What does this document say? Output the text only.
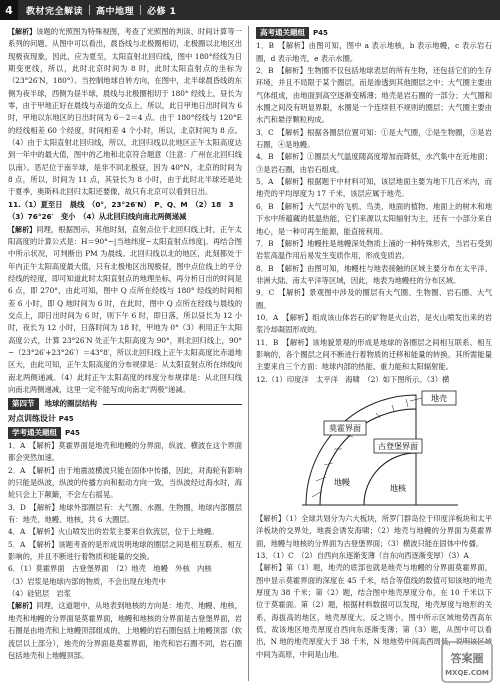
4	教材完全解读 高中地理 必修 1

【解析】该题的光照图为特殊视图，考查了光照图的判读、时间计算等一系列的问题。从图中可以看出，晨昏线与北极圈相切，北极圈以北地区出现极夜现象，因此，应为夏至，太阳直射北回归线，图中 180°经线为日期变更线，所以，此时北京时间为 8 时，此时太阳直射点的坐标为（23°26′N，180°）。当控制地球自转方向，在图中，北半球晨昏线的东侧为夜半球，西侧为昼半球，晨线与北极圈相切于 180° 经线上，昼长为零，由于甲地正好在晨线与赤道的交点上，所以，此日甲地日出时间为 6 时，甲地以东地区的日出时间为 6－2＝4 点。由于 180°经线与 120°E 的经线相差 60 个经度，时间相差 4 个小时，所以，北京时间为 8 点。（4）由于太阳直射北回归线，所以，北回归线以北地区正午太阳高度达到一年中的最大值，图中的乙地和北京符合题意（注意：广州在北回归线以南）。恶尼位于南半球，是非不同北极昼，因为 40°N，北京的时间为 8 点，所以，时间为 11 点，其昼长为 8 小时，由于此时北半球还是处于夏季，奥斯科北回归太阳还要像，故只有北京可以看到日出。

11.（1）夏至日　晨线　（0°，23°26′N）　P、Q、M　（2）18　3

（3）76°26′　变小　（4）从北回归线向南北两侧递减

【解析】同理，根据图示，其他时刻，直射点位于北回归线上时，正午太阳高度的计算公式是：H＝90°−|当地纬度−太阳直射点纬度|。再结合图中所示状况，可判断出 PM 为晨线。北回归线以北的地区，此刻都处于年内正午太阳高度最大值，只有北极地区出现极昼，图中点位线上的平分经线的经度，即可知道此时太阳直射点的地理坐标，再分析日出的时间是 6 点，即 270°，由此可知，图中 Q 点所在经线与 180° 经线的时间相差 6 小时，即 Q 地时间为 6 时，在此时，图中 Q 点所在经线与晨线的交点上，即日出时间为 6 时，则下午 6 时，即日落，所以昼长为 12 小时，夜长为 12 小时，日落时间为 18 时，甲地为 0°（3）利用正午太阳高度公式，计算 23°26′N 处正午太阳高度为 90°，则北回归线上，90°−（23°26′+23°26′）＝43°8′，所以北回归线上正午太阳高度比赤道地区大，由此可知，正午太阳高度的分布规律是：从太阳直射点所在纬线向南北两侧递减。（4）此时正午太阳高度的纬度分布规律是：从北回归线向南北两侧递减，这里一定不能写成向南北"两极"递减。

第四节	地球的圈层结构
对点训练设计 P45
学考通关题组	P45

1．A　【解析】莫霍界面是地壳和地幔的分界面，纵波、横波在这个界面都会突然加速。

2．A　【解析】由于地震波横波只能在固体中传播，因此，对海轮有影响的只能是纵波，纵波的传播方向和振动方向一致，当纵波经过海水时，海轮只会上下颠簸，不会左右摇晃。

3．D　【解析】地球外部圈层有：大气圈、水圈、生物圈，地球内部圈层有：地壳、地幔、地核，共 6 大圈层。

4．A　【解析】火山喷发出的岩浆主要来自软流层，位于上地幔。

5．A　【解析】该题考查的是形成说明地球的圈层之间是相互联系、相互影响的，并且不断进行着物质和能量的交换。

6．（1）莫霍界面　古登堡界面　（2）地壳　地幔　外核　内核

（3）岩浆是地球内部的物质，不会出现在地壳中

（4）硅铝层　岩浆

【解析】同理，这道题中，从地表到地核的方向是：地壳、地幔、地核，地壳和地幔的分界面是莫霍界面，地幔和地核的分界面是古登堡界面，岩石圈是由地壳和上地幔顶部组成的，上地幔的岩石圈包括上地幔顶部（软流层以上部分），地壳的分界面是莫霍界面，地壳和岩石圈不同，岩石圈包括地壳和上地幔顶部。

高考通关题组	P45

1．B　【解析】由图可知，图中 a 表示地核，b 表示地幔，c 表示岩石圈，d 表示地壳，e 表示水圈。

2．B　【解析】生物圈不仅包括地球表层的所有生物，还包括它们的生存环境，并且不局限于某个圈层，而是渗透到其他圈层之中；大气圈主要由气体组成，由地面到高空逐渐变稀薄；地壳是岩石圈的一部分；大气圈和水圈之间没有明显界限，水圈是一个连续但不规则的圈层；大气圈主要由水汽和悬浮颗粒构成。

3．C　【解析】根据各圈层位置可知：①是大气圈，②是生物圈，③是岩石圈，④是地幔。

4．B　【解析】①圈层大气温度随高度增加而降低，水汽集中在近地面；③是岩石圈，由岩石组成。

5．A　【解析】根据题干中材料可知，该层地面主要为地下几百米内，而地壳的平均厚度为 17 千米，该层应属于地壳。

6．B　【解析】大气层中的飞机、鸟类、地面的植物、地面上的树木和地下水中所蕴藏的低温热能，它们来源以太阳辐射为主，还有一小部分来自地心，是一种可再生能源，能直接利用。

7．B　【解析】地幔柱是地幔深处物质上涌的一种特殊形式，当岩石受到岩浆高温作用后易发生变质作用，形成变质岩。

8．B　【解析】由图可知，地幔柱与地表接触的区域主要分布在太平洋、非洲大陆、南太平洋等区域，因此，地表为地幔柱的分布区域。

9．C　【解析】景观图中涉及的圈层有大气圈、生物圈、岩石圈、大气圈。

10．A　【解析】组成该山体岩石的矿物是火山岩，是火山喷发出来的岩浆冷却凝固形成的。

11．B　【解析】该地貌景观的形成是地球的各圈层之间相互联系、相互影响的，各个圈层之间不断进行着物质的迁移和能量的转换，其所需能量主要来自三个方面：地球内部的热能、重力能和太阳辐射能。

12.（1）印度洋　太平洋　海啸　（2）如下图所示。（3）横

地壳
莫霍界面
古登堡界面
地幔
地核

【解析】（1）全球共划分为六大板块，所罗门群岛位于印度洋板块和太平洋板块的交界处，地震会诱发海啸；（2）地壳与地幔的分界面为莫霍界面，地幔与地核的分界面为古登堡界面；（3）横波只能在固体中传播。

13．（1）C　（2）自西向东逐渐变薄（自东向西逐渐变厚）（3）A

【解析】第（1）题，地壳的底部也就是地壳与地幔的分界面莫霍界面，图中显示莫霍界面的深度在 45 千米，结合等值线的数值可知该地的地壳厚度为 38 千米；第（2）题，结合图中地壳厚度分布，在 10 千米以下位于莫霍面。第（2）题，根据材料数据可以发现，地壳厚度与地形的关系，海拔高的地区，地壳厚度大，反之则小，图中所示区域地势西高东低，故该地区地壳厚度自西向东逐渐变薄；第（3）题，从图中可以看出，N 地的地壳厚度大于 38 千米，N 地地势中间高西周低，说明该区域中间为高原，中间是山地。	答案圈
MXQE.COM
